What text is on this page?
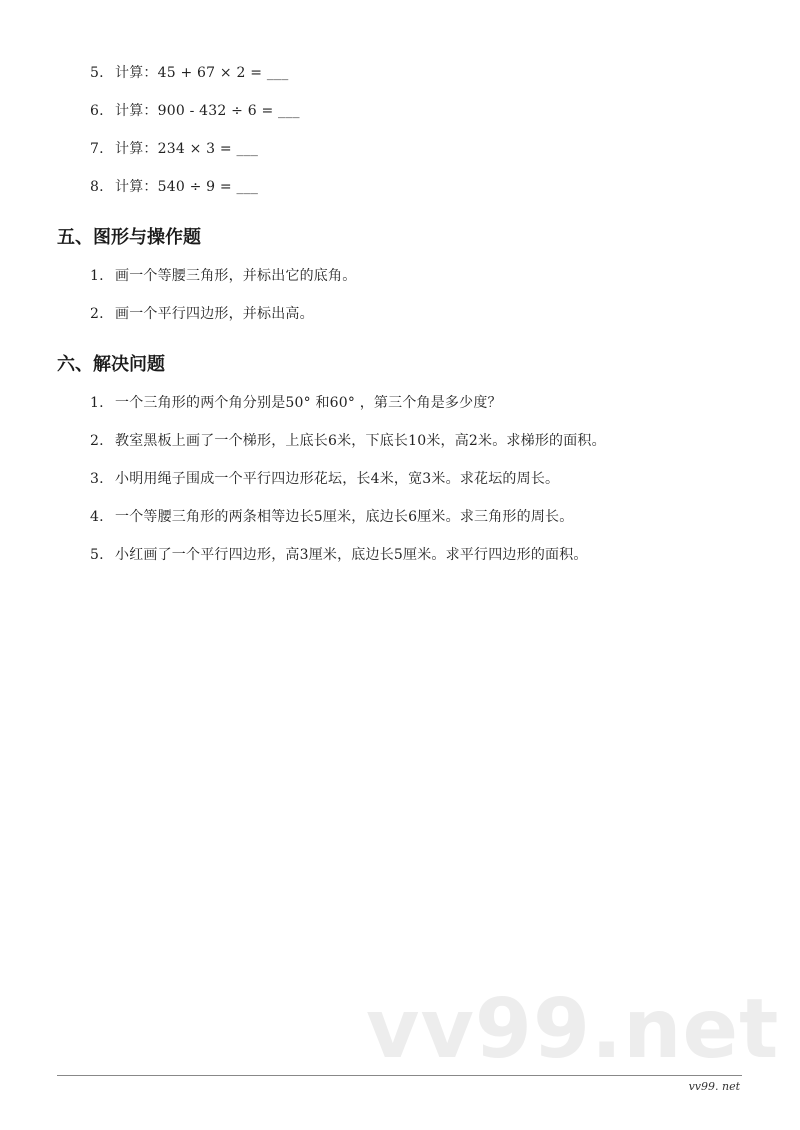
5. 计算：45 + 67 × 2 = ___
6. 计算：900 - 432 ÷ 6 = ___
7. 计算：234 × 3 = ___
8. 计算：540 ÷ 9 = ___
五、图形与操作题
1. 画一个等腰三角形，并标出它的底角。
2. 画一个平行四边形，并标出高。
六、解决问题
1. 一个三角形的两个角分别是50° 和60° ，第三个角是多少度？
2. 教室黑板上画了一个梯形，上底长6米，下底长10米，高2米。求梯形的面积。
3. 小明用绳子围成一个平行四边形花坛，长4米，宽3米。求花坛的周长。
4. 一个等腰三角形的两条相等边长5厘米，底边长6厘米。求三角形的周长。
5. 小红画了一个平行四边形，高3厘米，底边长5厘米。求平行四边形的面积。
vv99.net
vv99. net
